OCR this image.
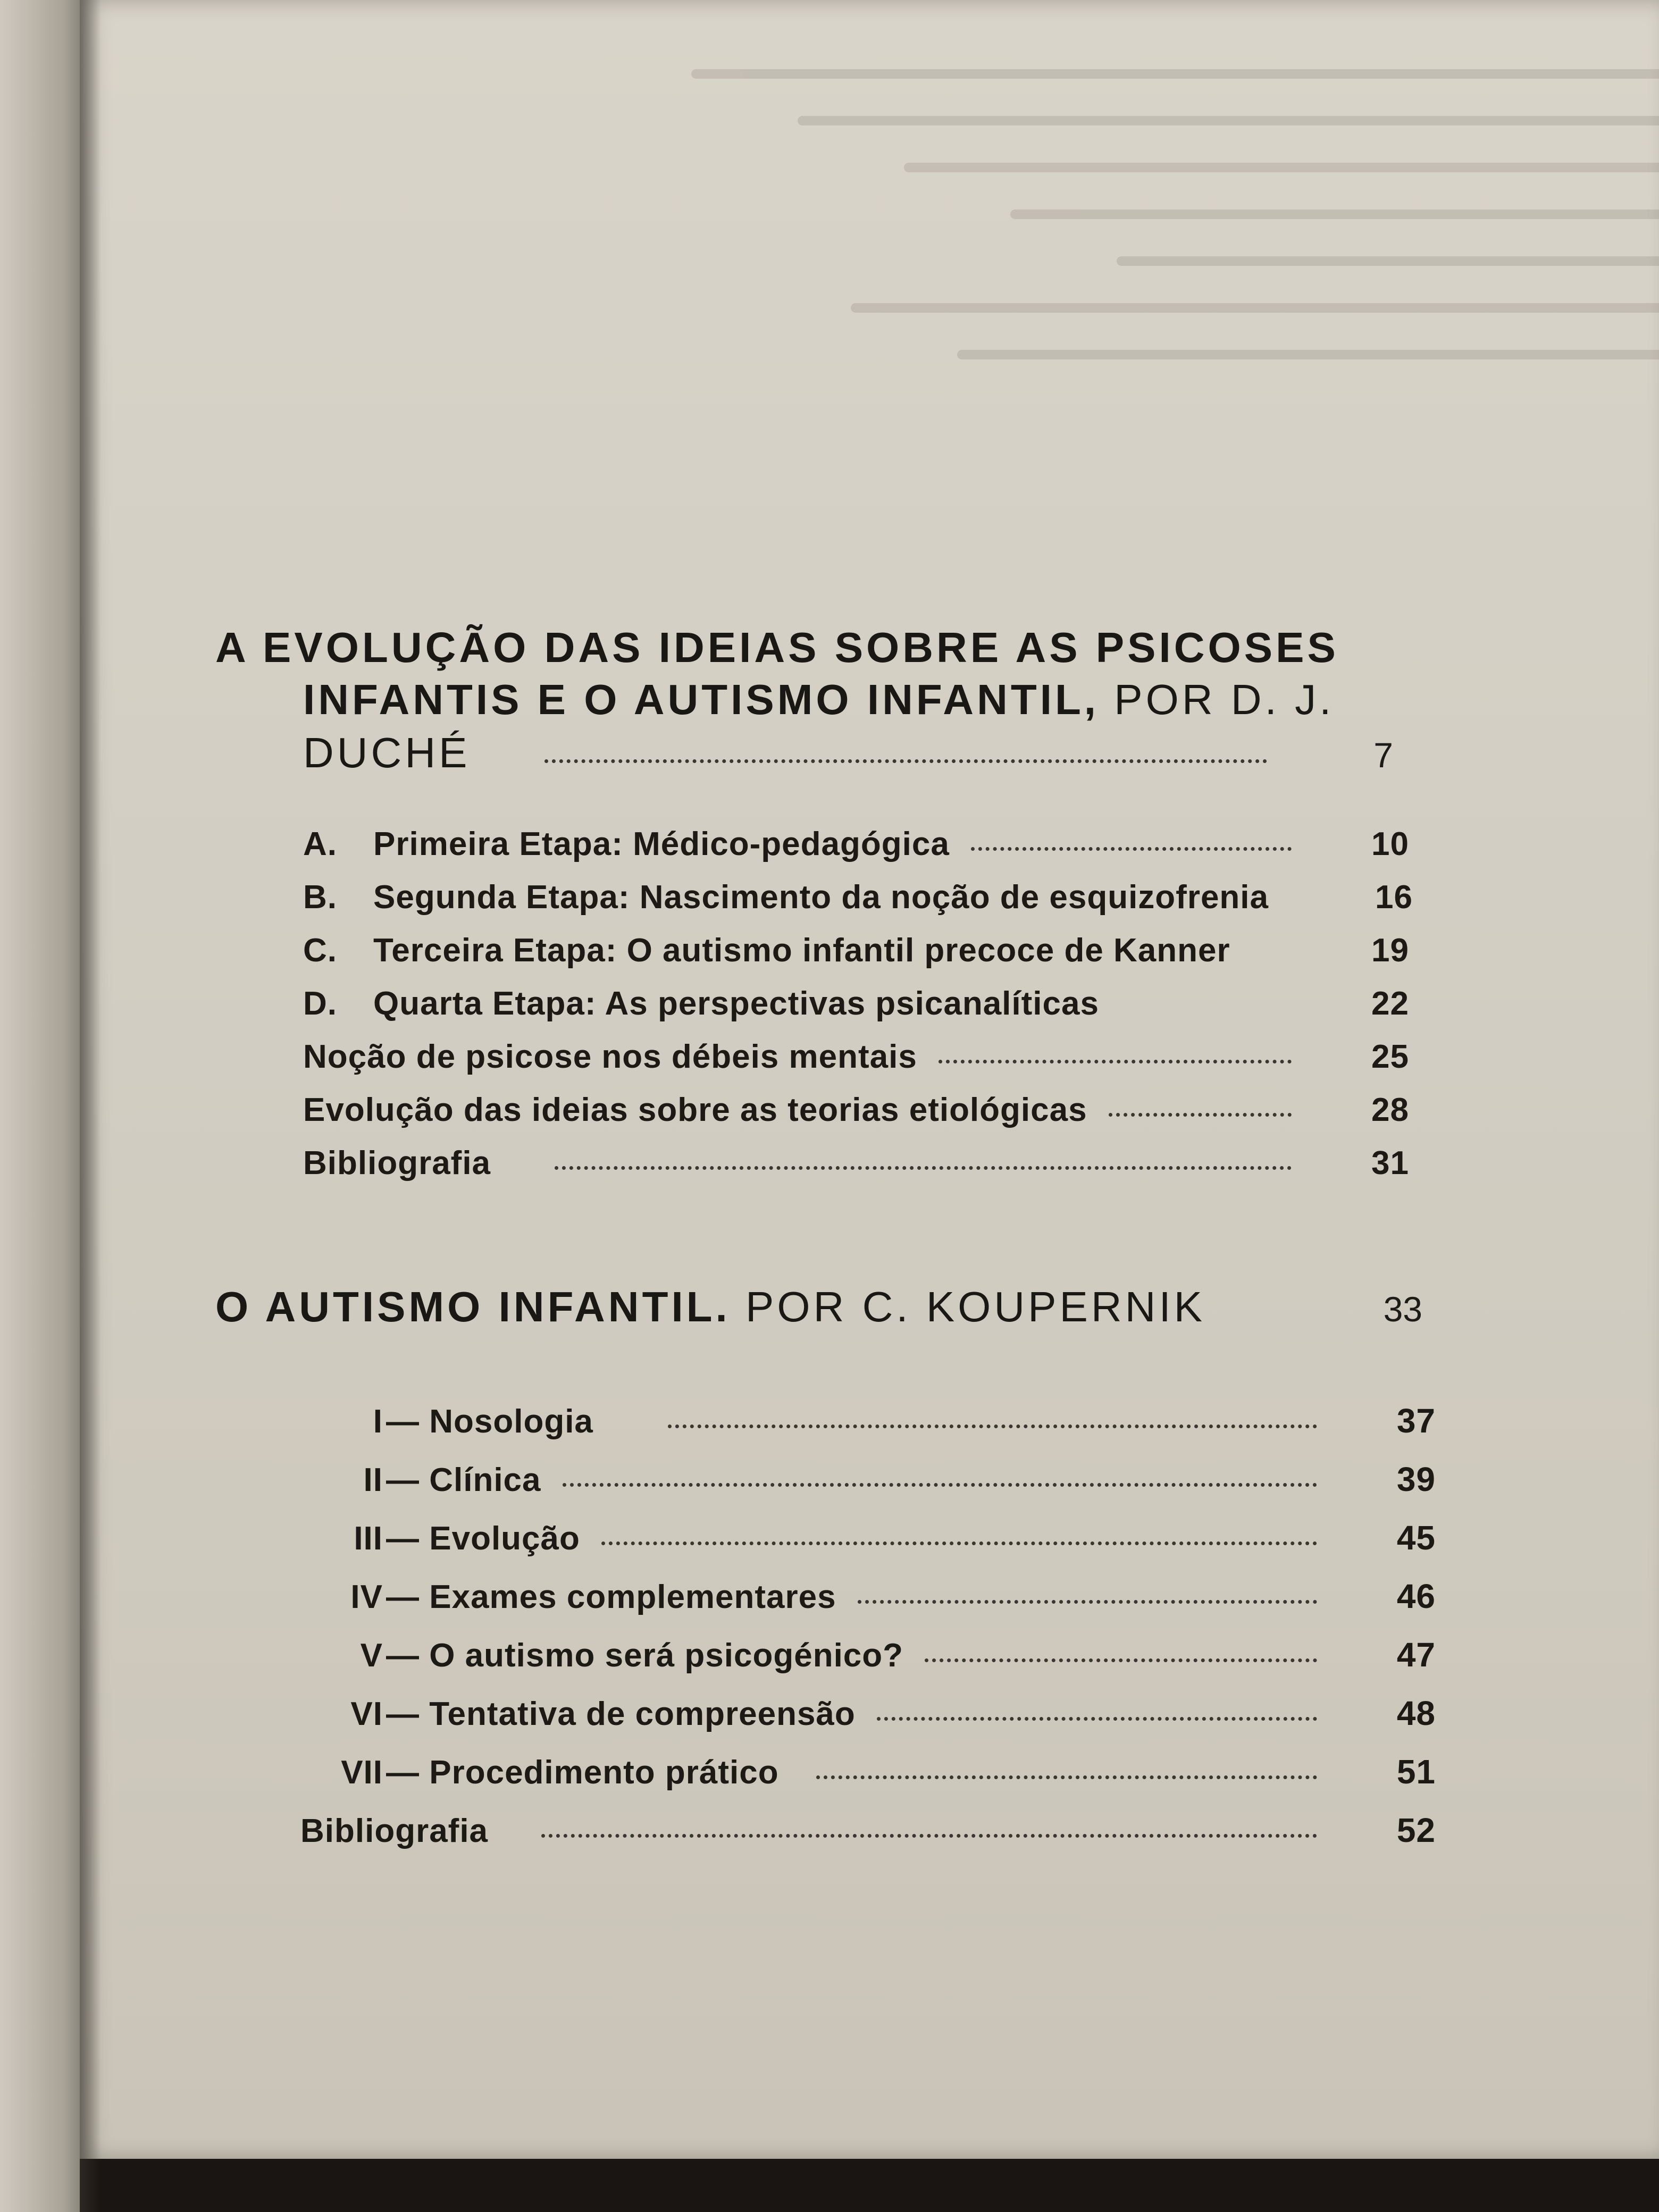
A EVOLUÇÃO DAS IDEIAS SOBRE AS PSICOSES
INFANTIS E O AUTISMO INFANTIL, POR D. J.
DUCHÉ	7
A. Primeira Etapa: Médico-pedagógica	10
B. Segunda Etapa: Nascimento da noção de esquizofrenia	16
C. Terceira Etapa: O autismo infantil precoce de Kanner	19
D. Quarta Etapa: As perspectivas psicanalíticas	22
Noção de psicose nos débeis mentais	25
Evolução das ideias sobre as teorias etiológicas	28
Bibliografia	31
O AUTISMO INFANTIL. POR C. KOUPERNIK	33
I— Nosologia	37
II— Clínica	39
III— Evolução	45
IV— Exames complementares	46
V— O autismo será psicogénico?	47
VI— Tentativa de compreensão	48
VII— Procedimento prático	51
Bibliografia	52
